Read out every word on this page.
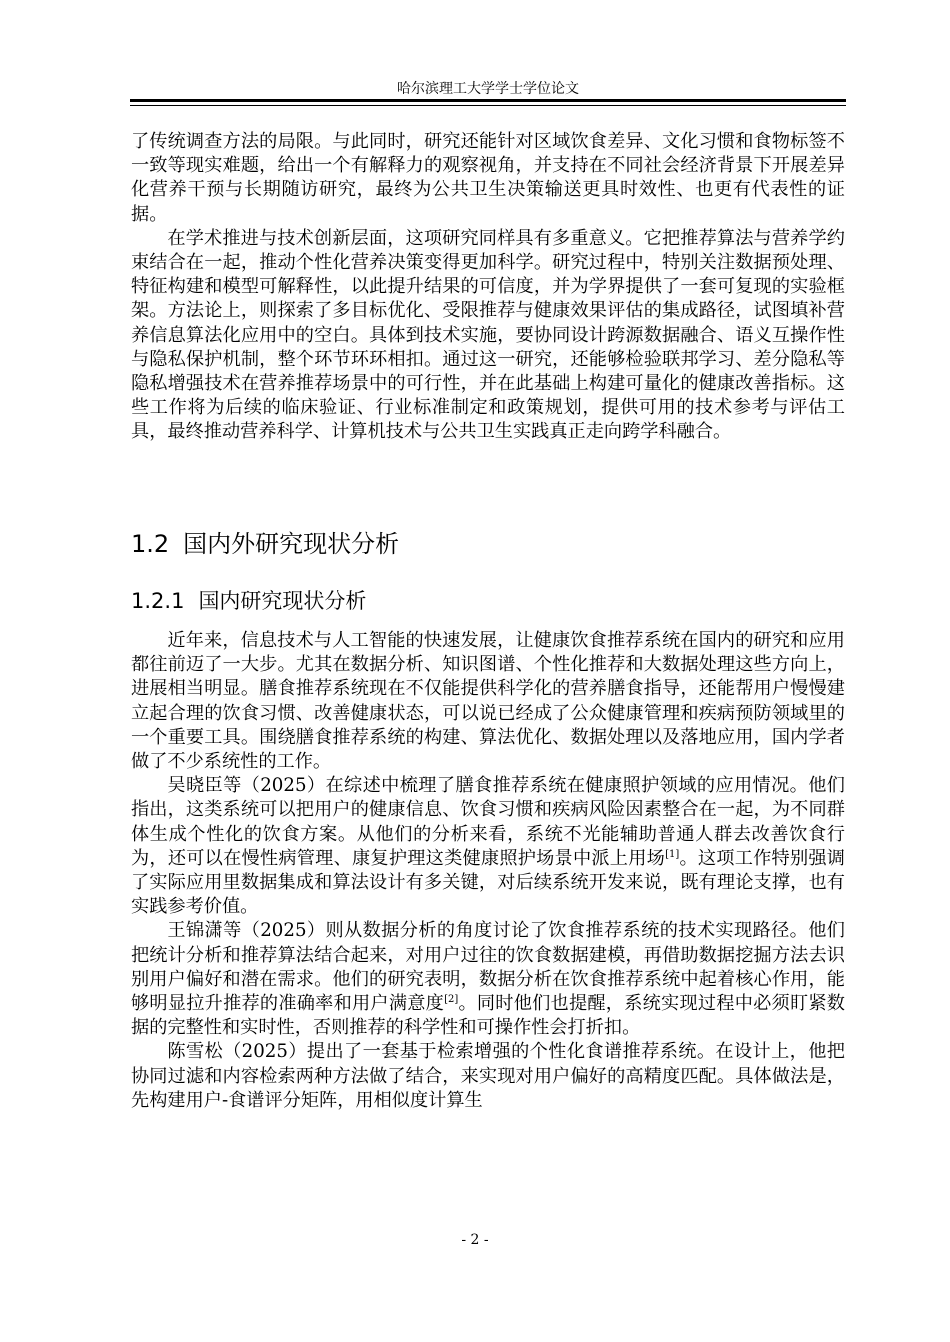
哈尔滨理工大学学士学位论文

了传统调查方法的局限。与此同时，研究还能针对区域饮食差异、文化习惯和食物标签不一致等现实难题，给出一个有解释力的观察视角，并支持在不同社会经济背景下开展差异化营养干预与长期随访研究，最终为公共卫生决策输送更具时效性、也更有代表性的证据。

在学术推进与技术创新层面，这项研究同样具有多重意义。它把推荐算法与营养学约束结合在一起，推动个性化营养决策变得更加科学。研究过程中，特别关注数据预处理、特征构建和模型可解释性，以此提升结果的可信度，并为学界提供了一套可复现的实验框架。方法论上，则探索了多目标优化、受限推荐与健康效果评估的集成路径，试图填补营养信息算法化应用中的空白。具体到技术实施，要协同设计跨源数据融合、语义互操作性与隐私保护机制，整个环节环环相扣。通过这一研究，还能够检验联邦学习、差分隐私等隐私增强技术在营养推荐场景中的可行性，并在此基础上构建可量化的健康改善指标。这些工作将为后续的临床验证、行业标准制定和政策规划，提供可用的技术参考与评估工具，最终推动营养科学、计算机技术与公共卫生实践真正走向跨学科融合。

1.2 国内外研究现状分析
1.2.1 国内研究现状分析

近年来，信息技术与人工智能的快速发展，让健康饮食推荐系统在国内的研究和应用都往前迈了一大步。尤其在数据分析、知识图谱、个性化推荐和大数据处理这些方向上，进展相当明显。膳食推荐系统现在不仅能提供科学化的营养膳食指导，还能帮用户慢慢建立起合理的饮食习惯、改善健康状态，可以说已经成了公众健康管理和疾病预防领域里的一个重要工具。围绕膳食推荐系统的构建、算法优化、数据处理以及落地应用，国内学者做了不少系统性的工作。

吴晓臣等（2025）在综述中梳理了膳食推荐系统在健康照护领域的应用情况。他们指出，这类系统可以把用户的健康信息、饮食习惯和疾病风险因素整合在一起，为不同群体生成个性化的饮食方案。从他们的分析来看，系统不光能辅助普通人群去改善饮食行为，还可以在慢性病管理、康复护理这类健康照护场景中派上用场[1]。这项工作特别强调了实际应用里数据集成和算法设计有多关键，对后续系统开发来说，既有理论支撑，也有实践参考价值。

王锦潇等（2025）则从数据分析的角度讨论了饮食推荐系统的技术实现路径。他们把统计分析和推荐算法结合起来，对用户过往的饮食数据建模，再借助数据挖掘方法去识别用户偏好和潜在需求。他们的研究表明，数据分析在饮食推荐系统中起着核心作用，能够明显拉升推荐的准确率和用户满意度[2]。同时他们也提醒，系统实现过程中必须盯紧数据的完整性和实时性，否则推荐的科学性和可操作性会打折扣。

陈雪松（2025）提出了一套基于检索增强的个性化食谱推荐系统。在设计上，他把协同过滤和内容检索两种方法做了结合，来实现对用户偏好的高精度匹配。具体做法是，先构建用户-食谱评分矩阵，用相似度计算生

- 2 -
